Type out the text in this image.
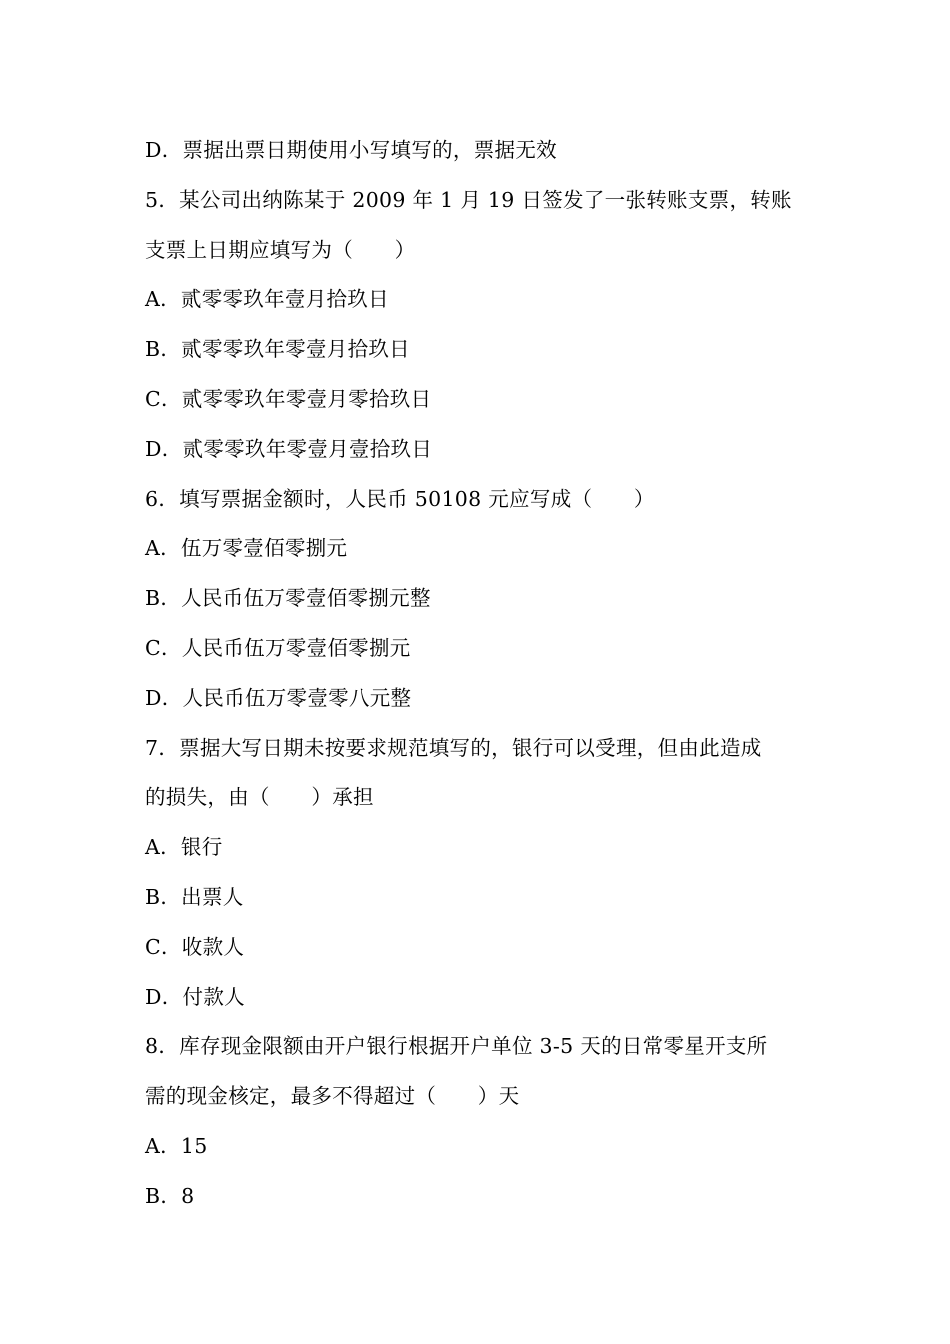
D．票据出票日期使用小写填写的，票据无效
5．某公司出纳陈某于 2009 年 1 月 19 日签发了一张转账支票，转账
支票上日期应填写为（　　）
A．贰零零玖年壹月拾玖日
B．贰零零玖年零壹月拾玖日
C．贰零零玖年零壹月零拾玖日
D．贰零零玖年零壹月壹拾玖日
6．填写票据金额时，人民币 50108 元应写成（　　）
A．伍万零壹佰零捌元
B．人民币伍万零壹佰零捌元整
C．人民币伍万零壹佰零捌元
D．人民币伍万零壹零八元整
7．票据大写日期未按要求规范填写的，银行可以受理，但由此造成
的损失，由（　　）承担
A．银行
B．出票人
C．收款人
D．付款人
8．库存现金限额由开户银行根据开户单位 3-5 天的日常零星开支所
需的现金核定，最多不得超过（　　）天
A．15
B．8
